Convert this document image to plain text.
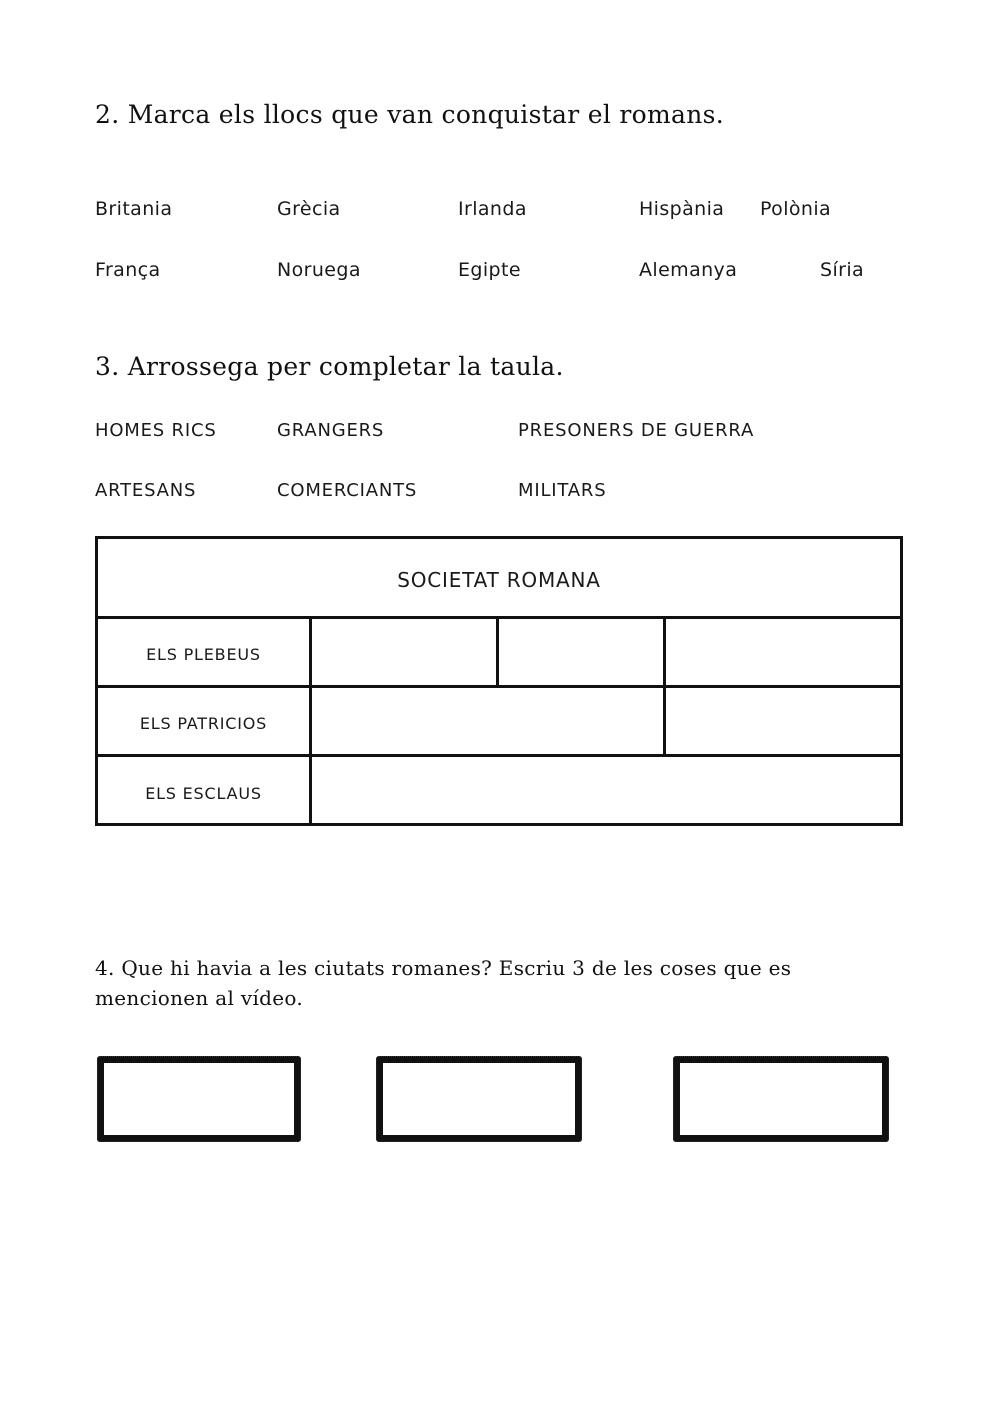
2. Marca els llocs que van conquistar el romans.
Britania	Grècia	Irlanda	Hispània Polònia
França	Noruega	Egipte	Alemanya	Síria
3. Arrossega per completar la taula.
HOMES RICS	GRANGERS	PRESONERS DE GUERRA
ARTESANS	COMERCIANTS	MILITARS
SOCIETAT ROMANA
ELS PLEBEUS
ELS PATRICIOS
ELS ESCLAUS
4. Que hi havia a les ciutats romanes? Escriu 3 de les coses que es mencionen al vídeo.
